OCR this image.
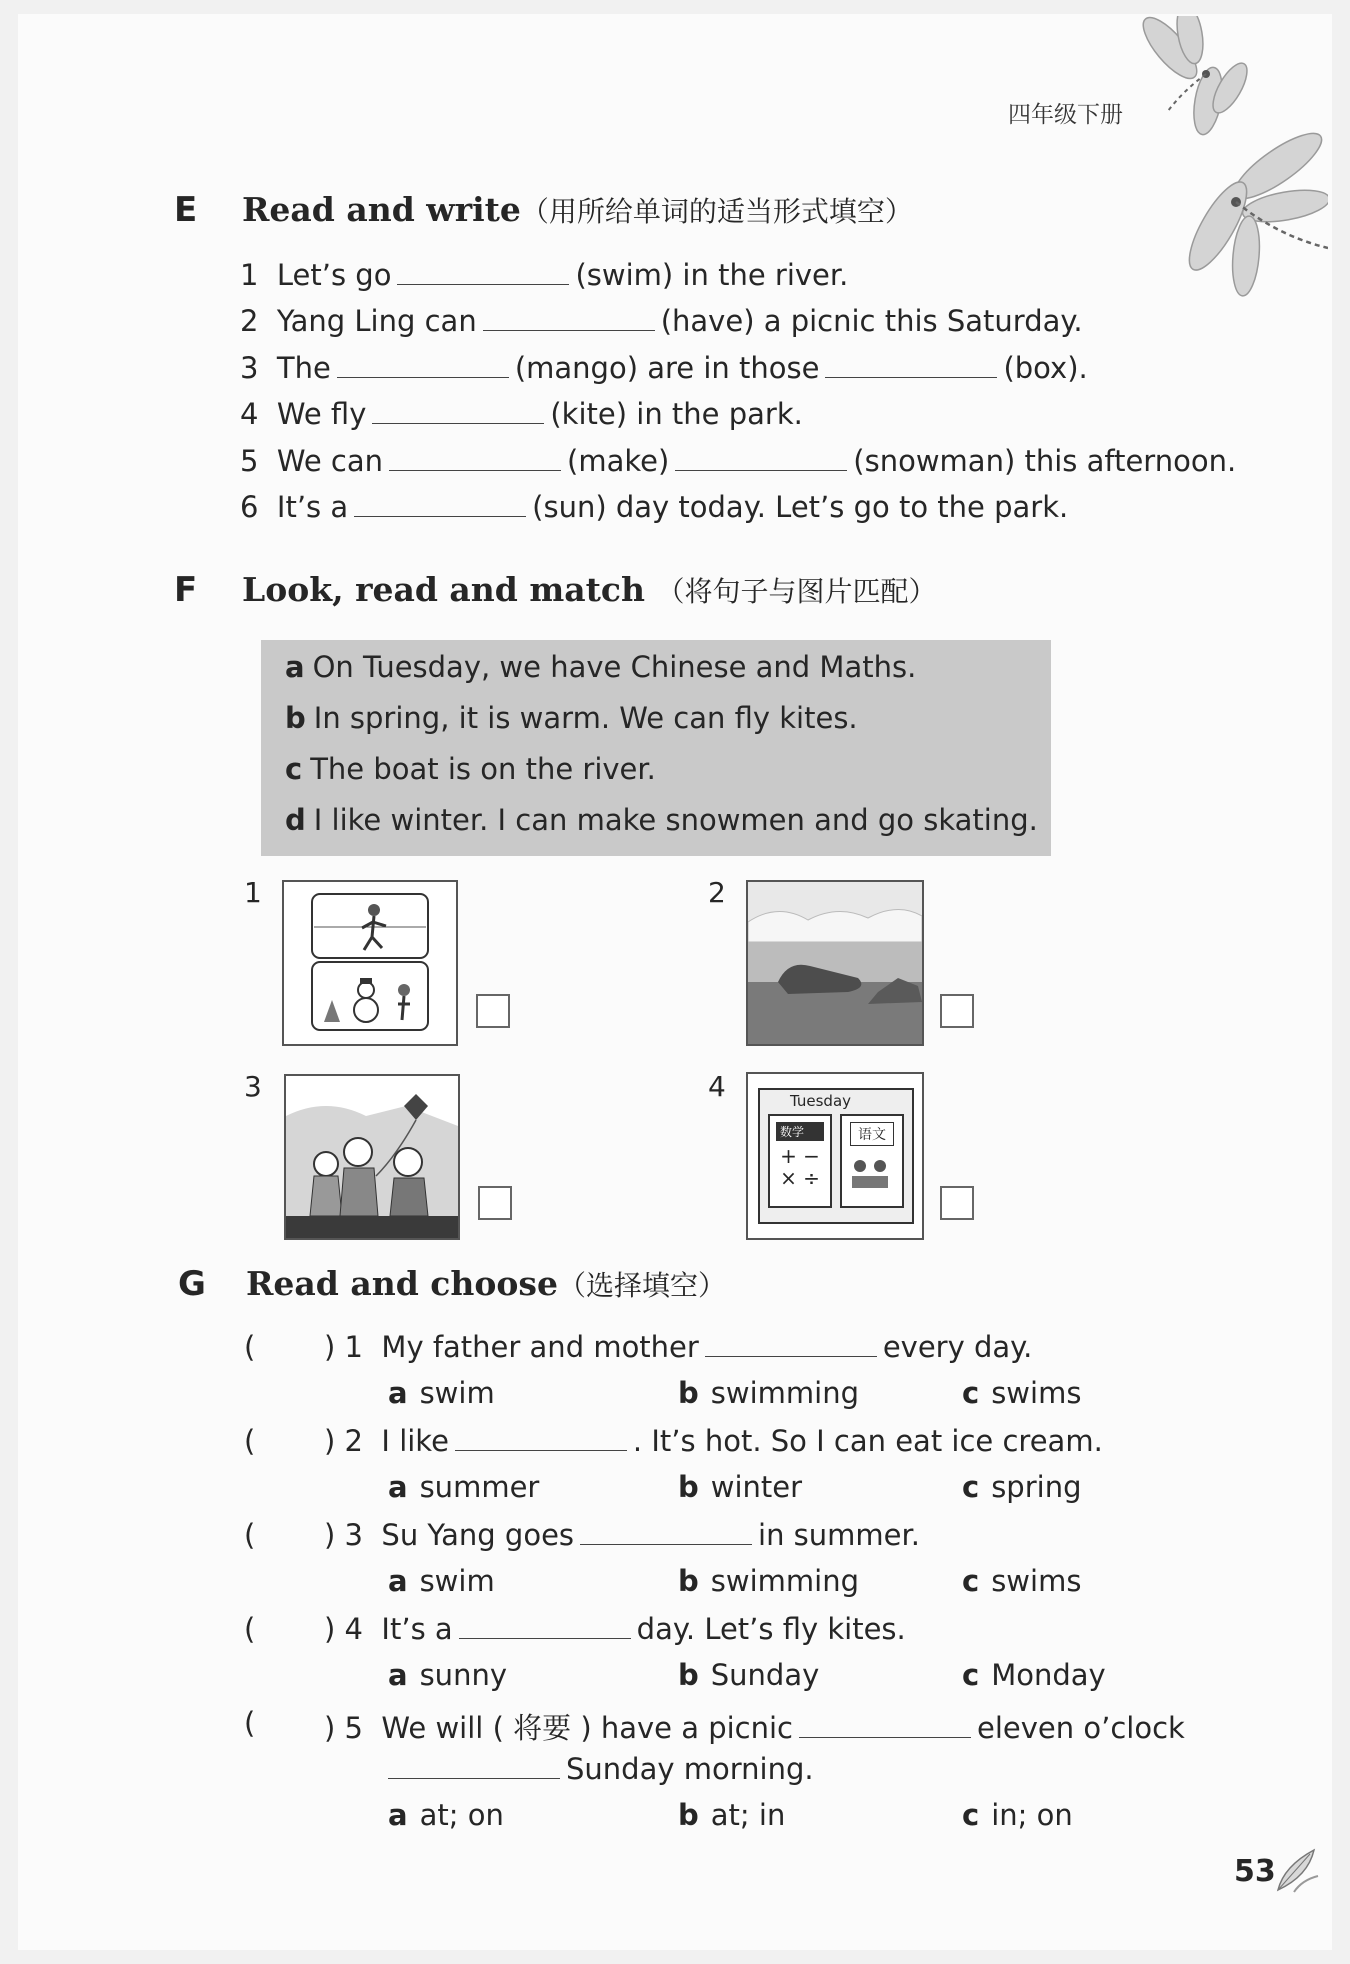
四年级下册
E Read and write（用所给单词的适当形式填空）
1 Let’s go	(swim) in the river.
2 Yang Ling can	(have) a picnic this Saturday.
3 The	(mango) are in those	(box).
4 We fly	(kite) in the park.
5 We can	(make)	(snowman) this afternoon.
6 It’s a	(sun) day today. Let’s go to the park.
F Look, read and match （将句子与图片匹配）
a On Tuesday, we have Chinese and Maths.
b In spring, it is warm. We can fly kites.
c The boat is on the river.
d I like winter. I can make snowmen and go skating.
1	2
3	4	Tuesday
数学
+ −
× ÷
语文
G Read and choose（选择填空）
( ) 1 My father and mother	every day.
a swim	b swimming	c swims
( ) 2 I like	. It’s hot. So I can eat ice cream.
a summer	b winter	c spring
( ) 3 Su Yang goes	in summer.
a swim	b swimming	c swims
( ) 4 It’s a	day. Let’s fly kites.
a sunny	b Sunday	c Monday
( ) 5 We will ( 将要 ) have a picnic	eleven o’clock
Sunday morning.
a at; on	b at; in	c in; on
53
